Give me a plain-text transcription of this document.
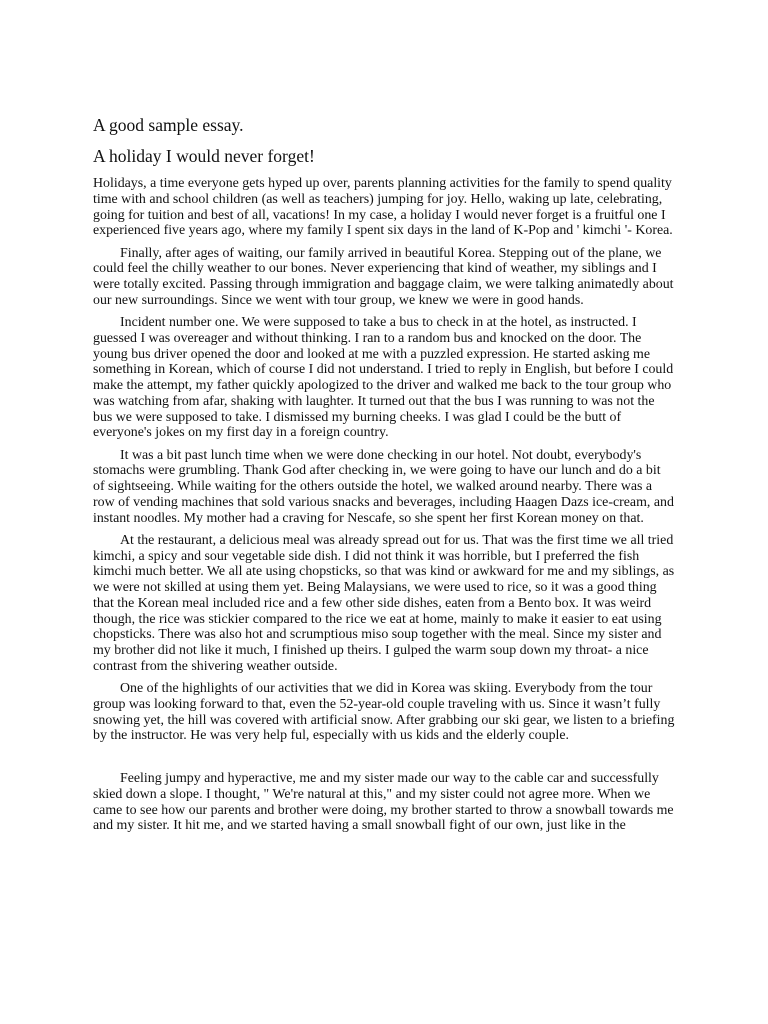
A good sample essay.
A holiday I would never forget!

Holidays, a time everyone gets hyped up over, parents planning activities for the family to spend quality time with and school children (as well as teachers) jumping for joy. Hello, waking up late, celebrating, going for tuition and best of all, vacations! In my case, a holiday I would never forget is a fruitful one I experienced five years ago, where my family I spent six days in the land of K-Pop and ' kimchi '- Korea.

Finally, after ages of waiting, our family arrived in beautiful Korea. Stepping out of the plane, we could feel the chilly weather to our bones. Never experiencing that kind of weather, my siblings and I were totally excited. Passing through immigration and baggage claim, we were talking animatedly about our new surroundings. Since we went with tour group, we knew we were in good hands.

Incident number one. We were supposed to take a bus to check in at the hotel, as instructed. I guessed I was overeager and without thinking. I ran to a random bus and knocked on the door. The young bus driver opened the door and looked at me with a puzzled expression. He started asking me something in Korean, which of course I did not understand. I tried to reply in English, but before I could make the attempt, my father quickly apologized to the driver and walked me back to the tour group who was watching from afar, shaking with laughter. It turned out that the bus I was running to was not the bus we were supposed to take. I dismissed my burning cheeks. I was glad I could be the butt of everyone's jokes on my first day in a foreign country.

It was a bit past lunch time when we were done checking in our hotel. Not doubt, everybody's stomachs were grumbling. Thank God after checking in, we were going to have our lunch and do a bit of sightseeing. While waiting for the others outside the hotel, we walked around nearby. There was a row of vending machines that sold various snacks and beverages, including Haagen Dazs ice-cream, and instant noodles. My mother had a craving for Nescafe, so she spent her first Korean money on that.

At the restaurant, a delicious meal was already spread out for us. That was the first time we all tried kimchi, a spicy and sour vegetable side dish. I did not think it was horrible, but I preferred the fish kimchi much better. We all ate using chopsticks, so that was kind or awkward for me and my siblings, as we were not skilled at using them yet. Being Malaysians, we were used to rice, so it was a good thing that the Korean meal included rice and a few other side dishes, eaten from a Bento box. It was weird though, the rice was stickier compared to the rice we eat at home, mainly to make it easier to eat using chopsticks. There was also hot and scrumptious miso soup together with the meal. Since my sister and my brother did not like it much, I finished up theirs. I gulped the warm soup down my throat- a nice contrast from the shivering weather outside.

One of the highlights of our activities that we did in Korea was skiing. Everybody from the tour group was looking forward to that, even the 52-year-old couple traveling with us. Since it wasn’t fully snowing yet, the hill was covered with artificial snow. After grabbing our ski gear, we listen to a briefing by the instructor. He was very help ful, especially with us kids and the elderly couple.

Feeling jumpy and hyperactive, me and my sister made our way to the cable car and successfully skied down a slope. I thought, " We're natural at this," and my sister could not agree more. When we came to see how our parents and brother were doing, my brother started to throw a snowball towards me and my sister. It hit me, and we started having a small snowball fight of our own, just like in the
